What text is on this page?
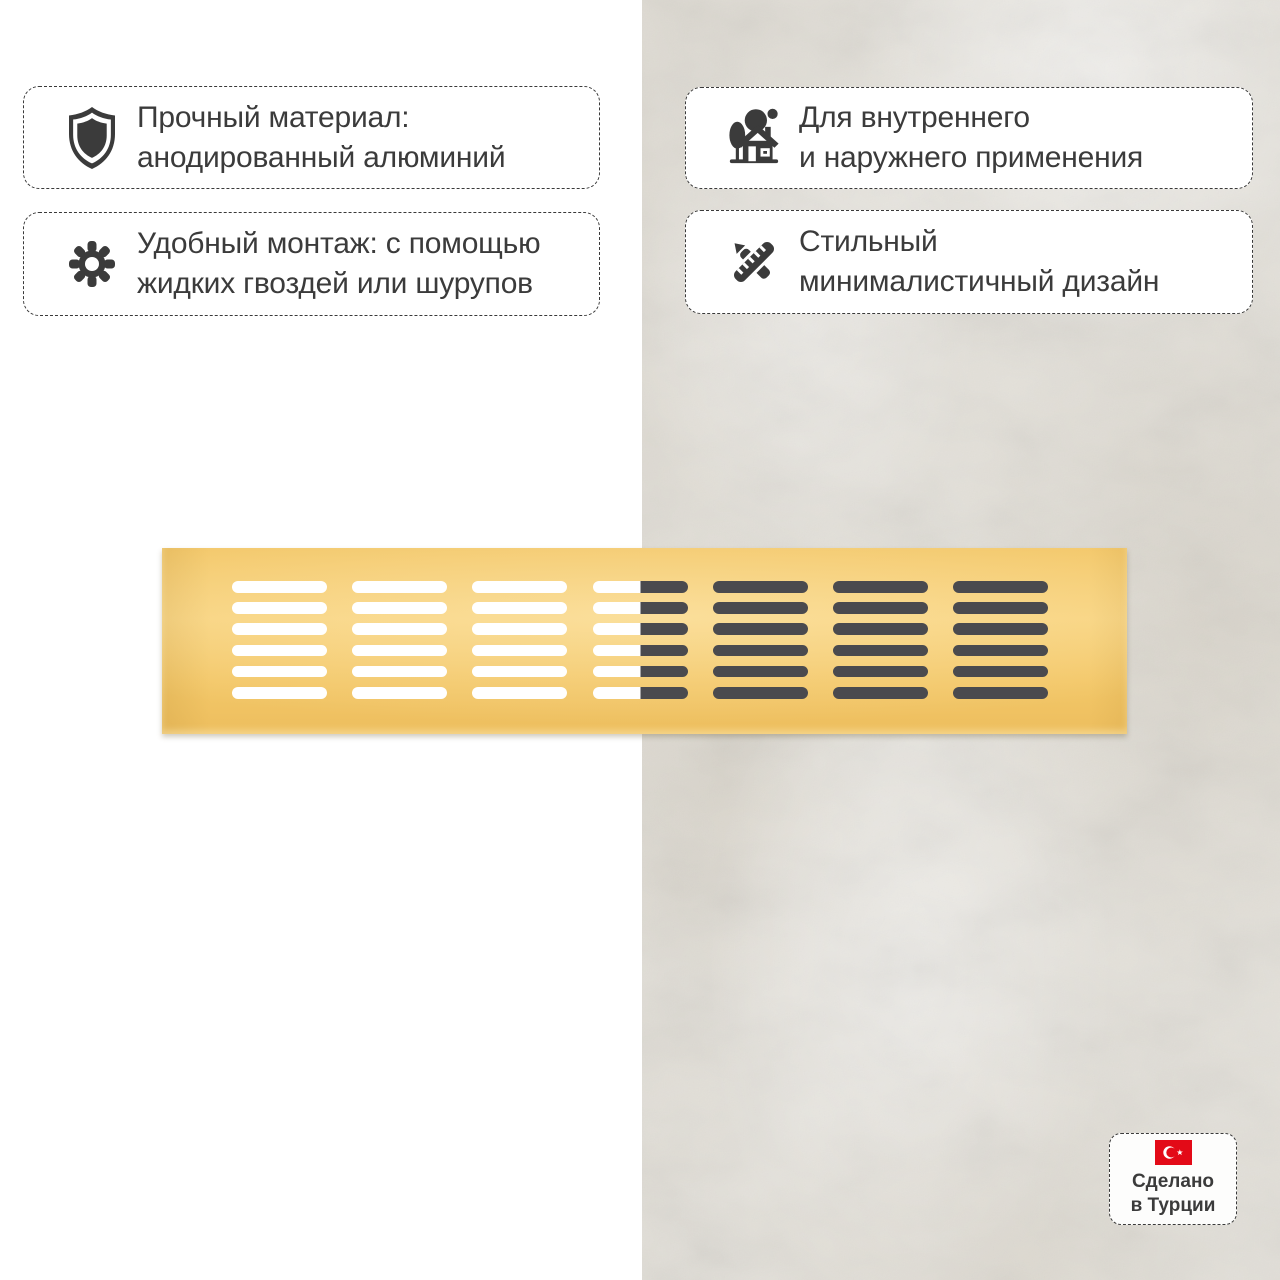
Прочный материал:
анодированный алюминий
Удобный монтаж: с помощью
жидких гвоздей или шурупов
Для внутреннего
и наружнего применения
Стильный
минималистичный дизайн
Сделано
в Турции
